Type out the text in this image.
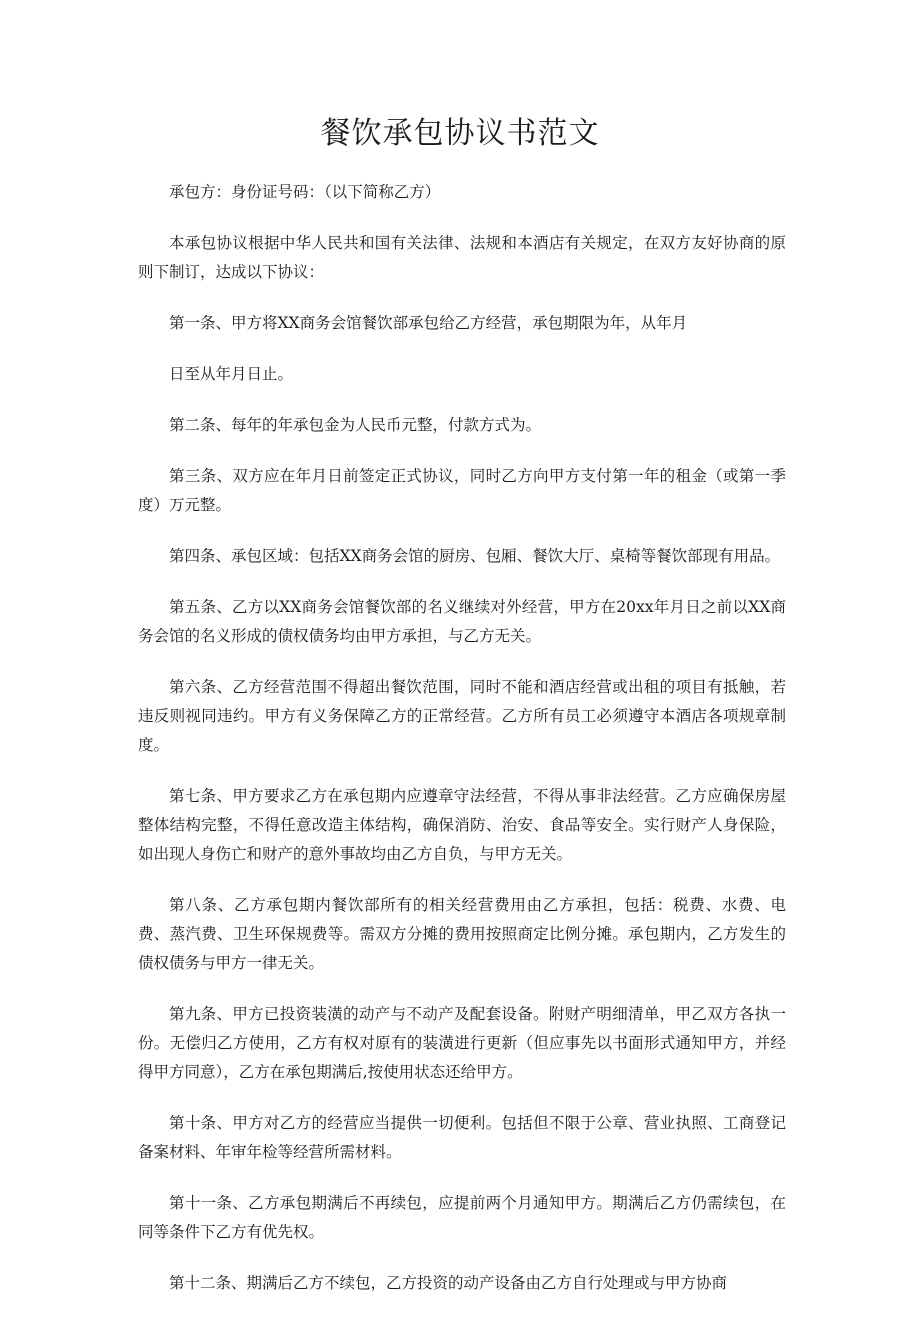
餐饮承包协议书范文

承包方：身份证号码：（以下简称乙方）

本承包协议根据中华人民共和国有关法律、法规和本酒店有关规定，在双方友好协商的原则下制订，达成以下协议：

第一条、甲方将XX商务会馆餐饮部承包给乙方经营，承包期限为年，从年月

日至从年月日止。

第二条、每年的年承包金为人民币元整，付款方式为。

第三条、双方应在年月日前签定正式协议，同时乙方向甲方支付第一年的租金（或第一季度）万元整。

第四条、承包区域：包括XX商务会馆的厨房、包厢、餐饮大厅、桌椅等餐饮部现有用品。

第五条、乙方以XX商务会馆餐饮部的名义继续对外经营，甲方在20xx年月日之前以XX商务会馆的名义形成的债权债务均由甲方承担，与乙方无关。

第六条、乙方经营范围不得超出餐饮范围，同时不能和酒店经营或出租的项目有抵触，若违反则视同违约。甲方有义务保障乙方的正常经营。乙方所有员工必须遵守本酒店各项规章制度。

第七条、甲方要求乙方在承包期内应遵章守法经营，不得从事非法经营。乙方应确保房屋整体结构完整，不得任意改造主体结构，确保消防、治安、食品等安全。实行财产人身保险，如出现人身伤亡和财产的意外事故均由乙方自负，与甲方无关。

第八条、乙方承包期内餐饮部所有的相关经营费用由乙方承担，包括：税费、水费、电费、蒸汽费、卫生环保规费等。需双方分摊的费用按照商定比例分摊。承包期内，乙方发生的债权债务与甲方一律无关。

第九条、甲方已投资装潢的动产与不动产及配套设备。附财产明细清单，甲乙双方各执一份。无偿归乙方使用，乙方有权对原有的装潢进行更新（但应事先以书面形式通知甲方，并经得甲方同意），乙方在承包期满后,按使用状态还给甲方。

第十条、甲方对乙方的经营应当提供一切便利。包括但不限于公章、营业执照、工商登记备案材料、年审年检等经营所需材料。

第十一条、乙方承包期满后不再续包，应提前两个月通知甲方。期满后乙方仍需续包，在同等条件下乙方有优先权。

第十二条、期满后乙方不续包，乙方投资的动产设备由乙方自行处理或与甲方协商
